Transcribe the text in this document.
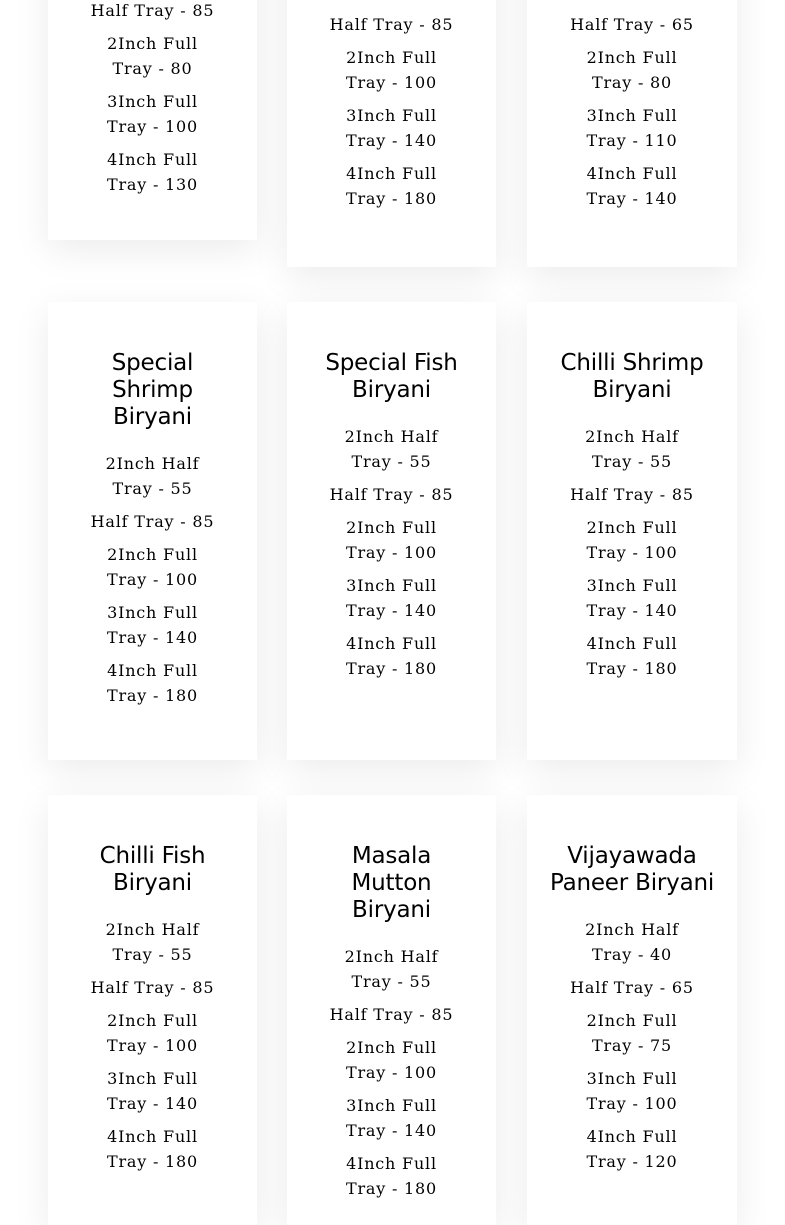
Half Tray - 85
2Inch Full Tray - 80
3Inch Full Tray - 100
4Inch Full Tray - 130
Half Tray - 85
2Inch Full Tray - 100
3Inch Full Tray - 140
4Inch Full Tray - 180
Half Tray - 65
2Inch Full Tray - 80
3Inch Full Tray - 110
4Inch Full Tray - 140
Special Shrimp Biryani
2Inch Half Tray - 55
Half Tray - 85
2Inch Full Tray - 100
3Inch Full Tray - 140
4Inch Full Tray - 180
Special Fish Biryani
2Inch Half Tray - 55
Half Tray - 85
2Inch Full Tray - 100
3Inch Full Tray - 140
4Inch Full Tray - 180
Chilli Shrimp Biryani
2Inch Half Tray - 55
Half Tray - 85
2Inch Full Tray - 100
3Inch Full Tray - 140
4Inch Full Tray - 180
Chilli Fish Biryani
2Inch Half Tray - 55
Half Tray - 85
2Inch Full Tray - 100
3Inch Full Tray - 140
4Inch Full Tray - 180
Masala Mutton Biryani
2Inch Half Tray - 55
Half Tray - 85
2Inch Full Tray - 100
3Inch Full Tray - 140
4Inch Full Tray - 180
Vijayawada Paneer Biryani
2Inch Half Tray - 40
Half Tray - 65
2Inch Full Tray - 75
3Inch Full Tray - 100
4Inch Full Tray - 120
